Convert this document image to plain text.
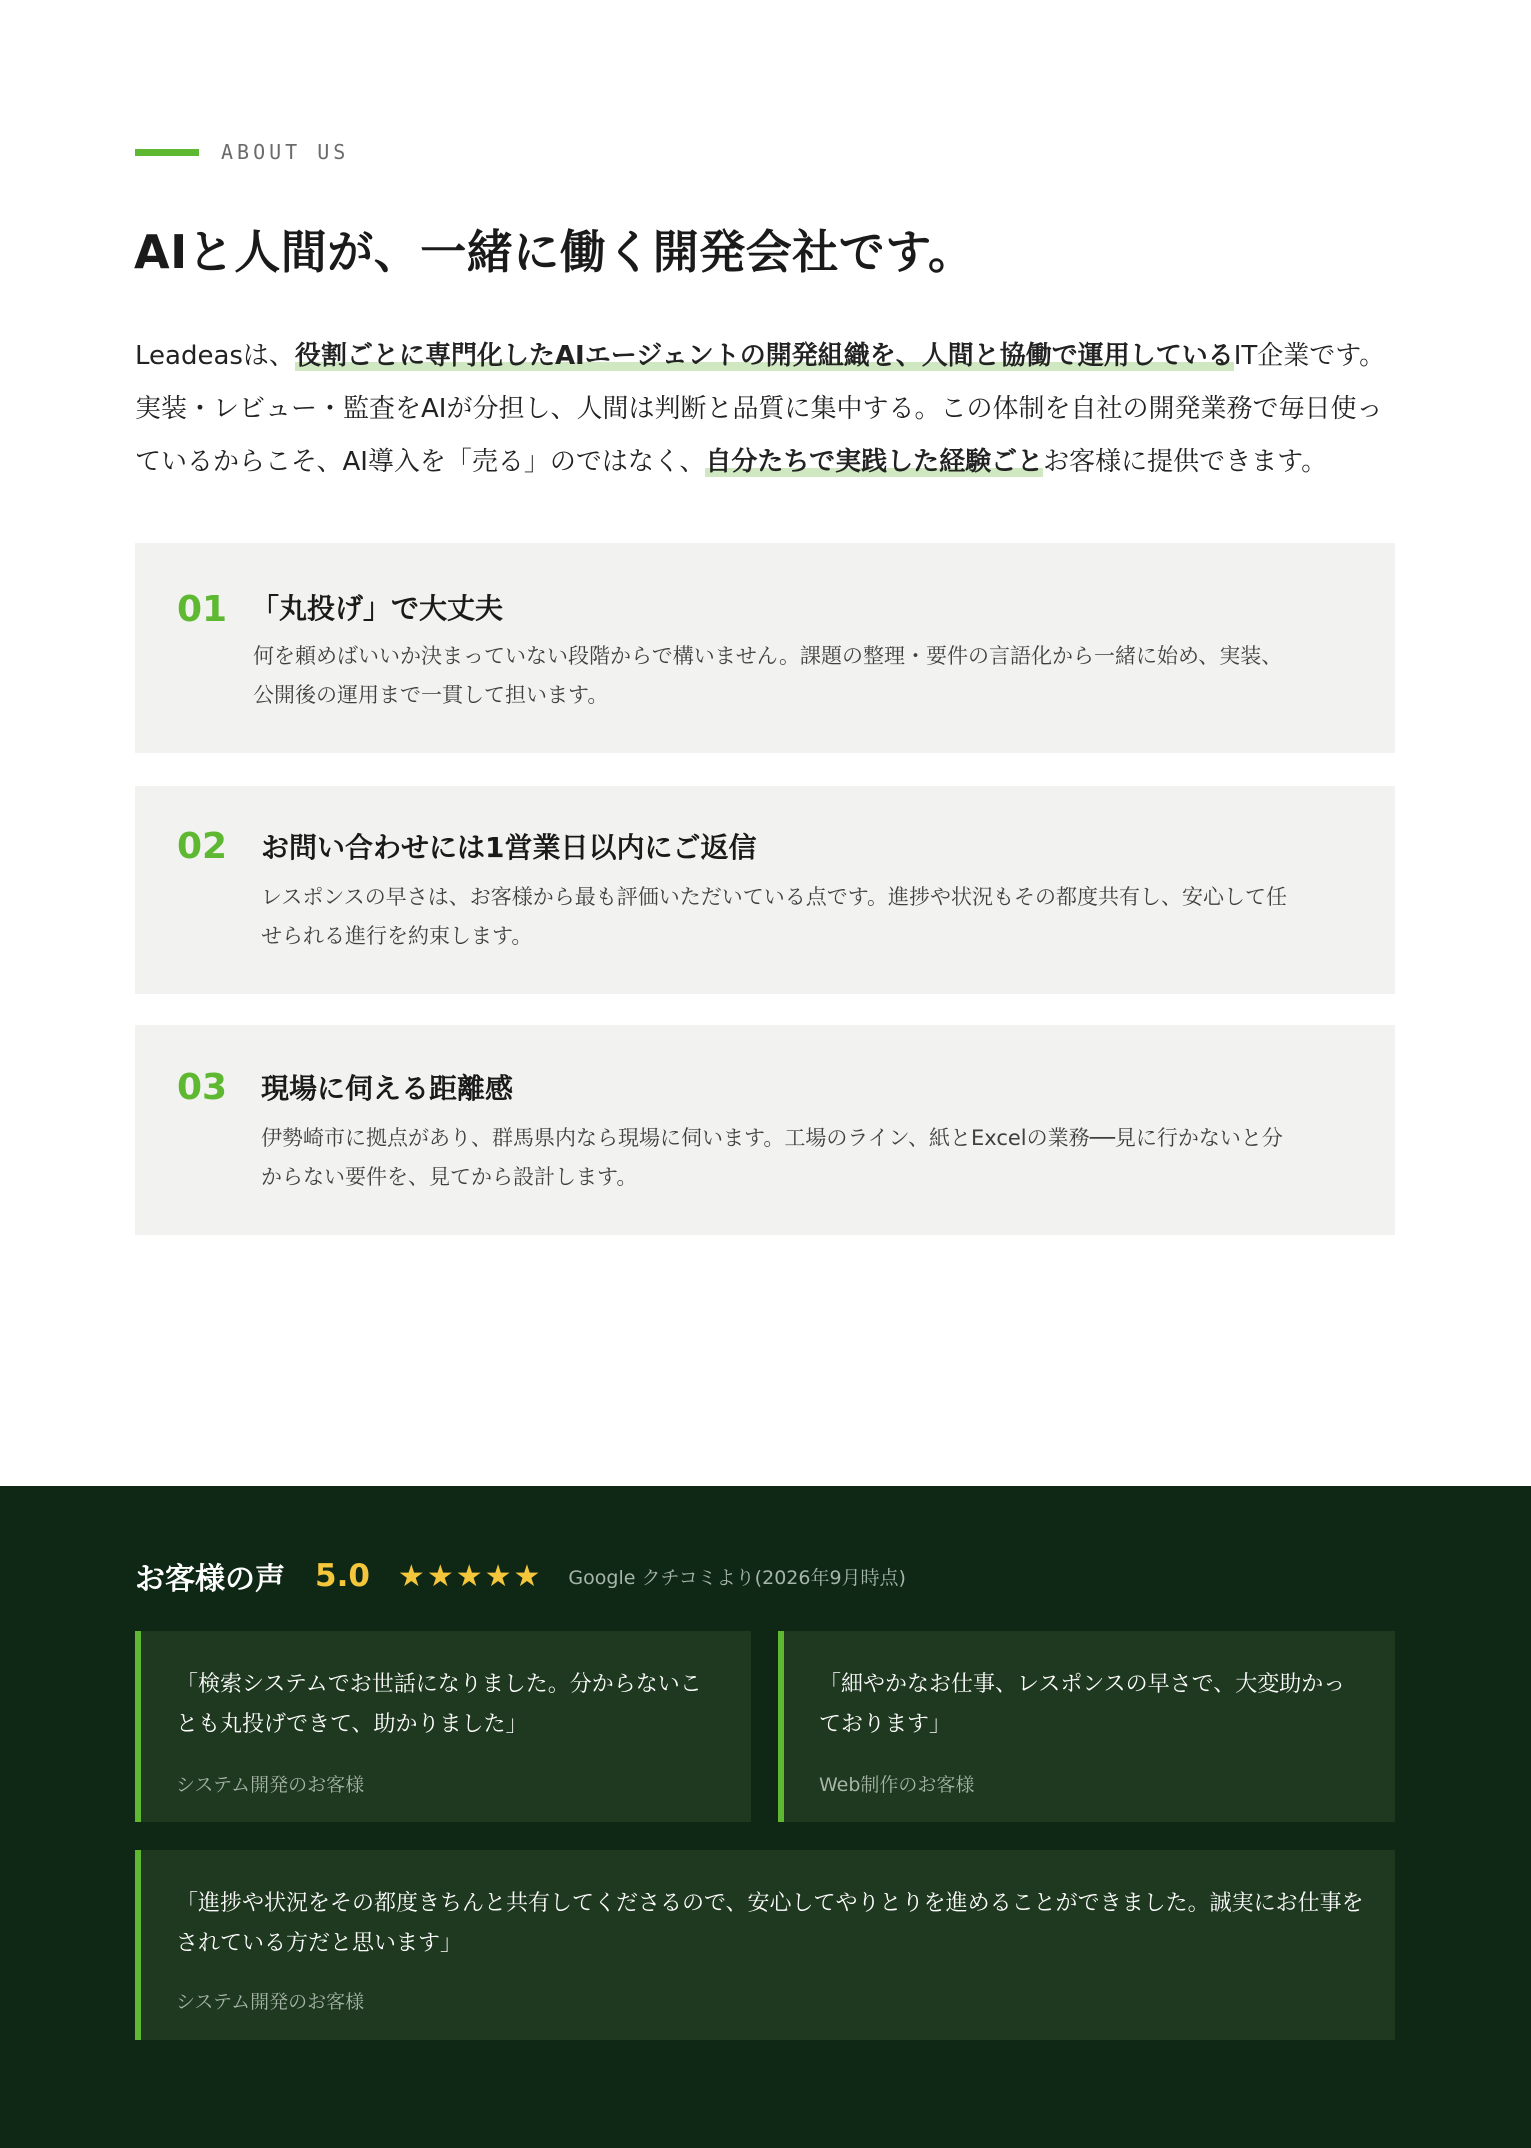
ABOUT US
AIと人間が、一緒に働く開発会社です。

Leadeasは、役割ごとに専門化したAIエージェントの開発組織を、人間と協働で運用しているIT企業です。実装・レビュー・監査をAIが分担し、人間は判断と品質に集中する。この体制を自社の開発業務で毎日使っているからこそ、AI導入を「売る」のではなく、自分たちで実践した経験ごとお客様に提供できます。

01 「丸投げ」で大丈夫

何を頼めばいいか決まっていない段階からで構いません。課題の整理・要件の言語化から一緒に始め、実装、公開後の運用まで一貫して担います。

02 お問い合わせには1営業日以内にご返信

レスポンスの早さは、お客様から最も評価いただいている点です。進捗や状況もその都度共有し、安心して任せられる進行を約束します。

03 現場に伺える距離感

伊勢崎市に拠点があり、群馬県内なら現場に伺います。工場のライン、紙とExcelの業務──見に行かないと分からない要件を、見てから設計します。

お客様の声 5.0 ★★★★★ Google クチコミより(2026年9月時点)

「検索システムでお世話になりました。分からないことも丸投げできて、助かりました」

システム開発のお客様

「細やかなお仕事、レスポンスの早さで、大変助かっております」

Web制作のお客様

「進捗や状況をその都度きちんと共有してくださるので、安心してやりとりを進めることができました。誠実にお仕事をされている方だと思います」

システム開発のお客様
